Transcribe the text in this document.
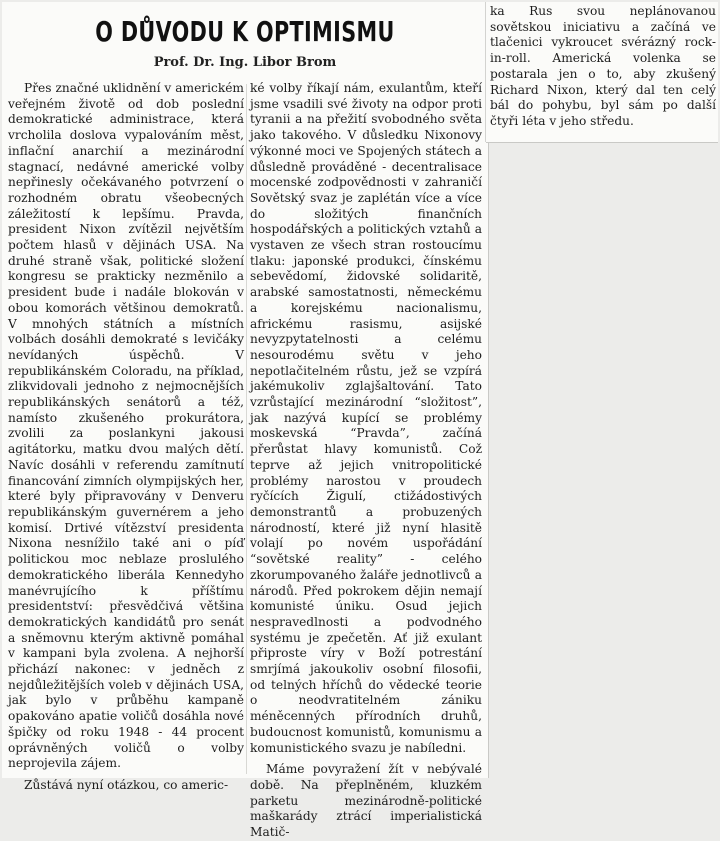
O DŮVODU K OPTIMISMU
Prof. Dr. Ing. Libor Brom

Přes značné uklidnění v americkém veřejném životě od dob poslední demokratické administrace, která vrcholila doslova vypalováním měst, inflační anarchií a mezinárodní stagnací, nedávné americké volby nepřinesly očekávaného potvrzení o rozhodném obratu všeobecných záležitostí k lepšímu. Pravda, president Nixon zvítězil největším počtem hlasů v dějinách USA. Na druhé straně však, politické složení kongresu se prakticky nezměnilo a president bude i nadále blokován v obou komorách většinou demokratů. V mnohých státních a místních volbách dosáhli demokraté s levičáky nevídaných úspěchů. V republikánském Coloradu, na příklad, zlikvidovali jednoho z nejmocnějších republikánských senátorů a též, namísto zkušeného prokurátora, zvolili za poslankyni jakousi agitátorku, matku dvou malých dětí. Navíc dosáhli v referendu zamítnutí financování zimních olympijských her, které byly připravovány v Denveru republikánským guvernérem a jeho komisí. Drtivé vítězství presidenta Nixona nesnížilo také ani o píď politickou moc neblaze proslulého demokratického liberála Kennedyho manévrujícího k příštímu presidentství: přesvědčivá většina demokratických kandidátů pro senát a sněmovnu kterým aktivně pomáhal v kampani byla zvolena. A nejhorší přichází nakonec: v jedněch z nejdůležitějších voleb v dějinách USA, jak bylo v průběhu kampaně opakováno apatie voličů dosáhla nové špičky od roku 1948 - 44 procent oprávněných voličů o volby neprojevila zájem.

Zůstává nyní otázkou, co americ-

ké volby říkají nám, exulantům, kteří jsme vsadili své životy na odpor proti tyranii a na přežití svobodného světa jako takového. V důsledku Nixonovy výkonné moci ve Spojených státech a důsledně prováděné - decentralisace mocenské zodpovědnosti v zahraničí Sovětský svaz je zaplétán více a více do složitých finančních hospodářských a politických vztahů a vystaven ze všech stran rostoucímu tlaku: japonské produkci, čínskému sebevědomí, židovské solidaritě, arabské samostatnosti, německému a korejskému nacionalismu, africkému rasismu, asijské nevyzpytatelnosti a celému nesourodému světu v jeho nepotlačitelném růstu, jež se vzpírá jakémukoliv zglajšaltování. Tato vzrůstající mezinárodní “složitost”, jak nazývá kupící se problémy moskevská “Pravda”, začíná přerůstat hlavy komunistů. Což teprve až jejich vnitropolitické problémy narostou v proudech ryčících Žigulí, ctižádostivých demonstrantů a probuzených národností, které již nyní hlasitě volají po novém uspořádání “sovětské reality” - celého zkorumpovaného žaláře jednotlivců a národů. Před pokrokem dějin nemají komunisté úniku. Osud jejich nespravedlnosti a podvodného systému je zpečetěn. Ať již exulant připroste víry v Boží potrestání smrjímá jakoukoliv osobní filosofii, od telných hříchů do vědecké teorie o neodvratitelném zániku méněcenných přírodních druhů, budoucnost komunistů, komunismu a komunistického svazu je nabíledni.

Máme povyražení žít v nebývalé době. Na přeplněném, kluzkém parketu mezinárodně-politické maškarády ztrácí imperialistická Matič-

ka Rus svou neplánovanou sovětskou iniciativu a začíná ve tlačenici vykroucet svérázný rock-in-roll. Americká volenka se postarala jen o to, aby zkušený Richard Nixon, který dal ten celý bál do pohybu, byl sám po další čtyři léta v jeho středu.
